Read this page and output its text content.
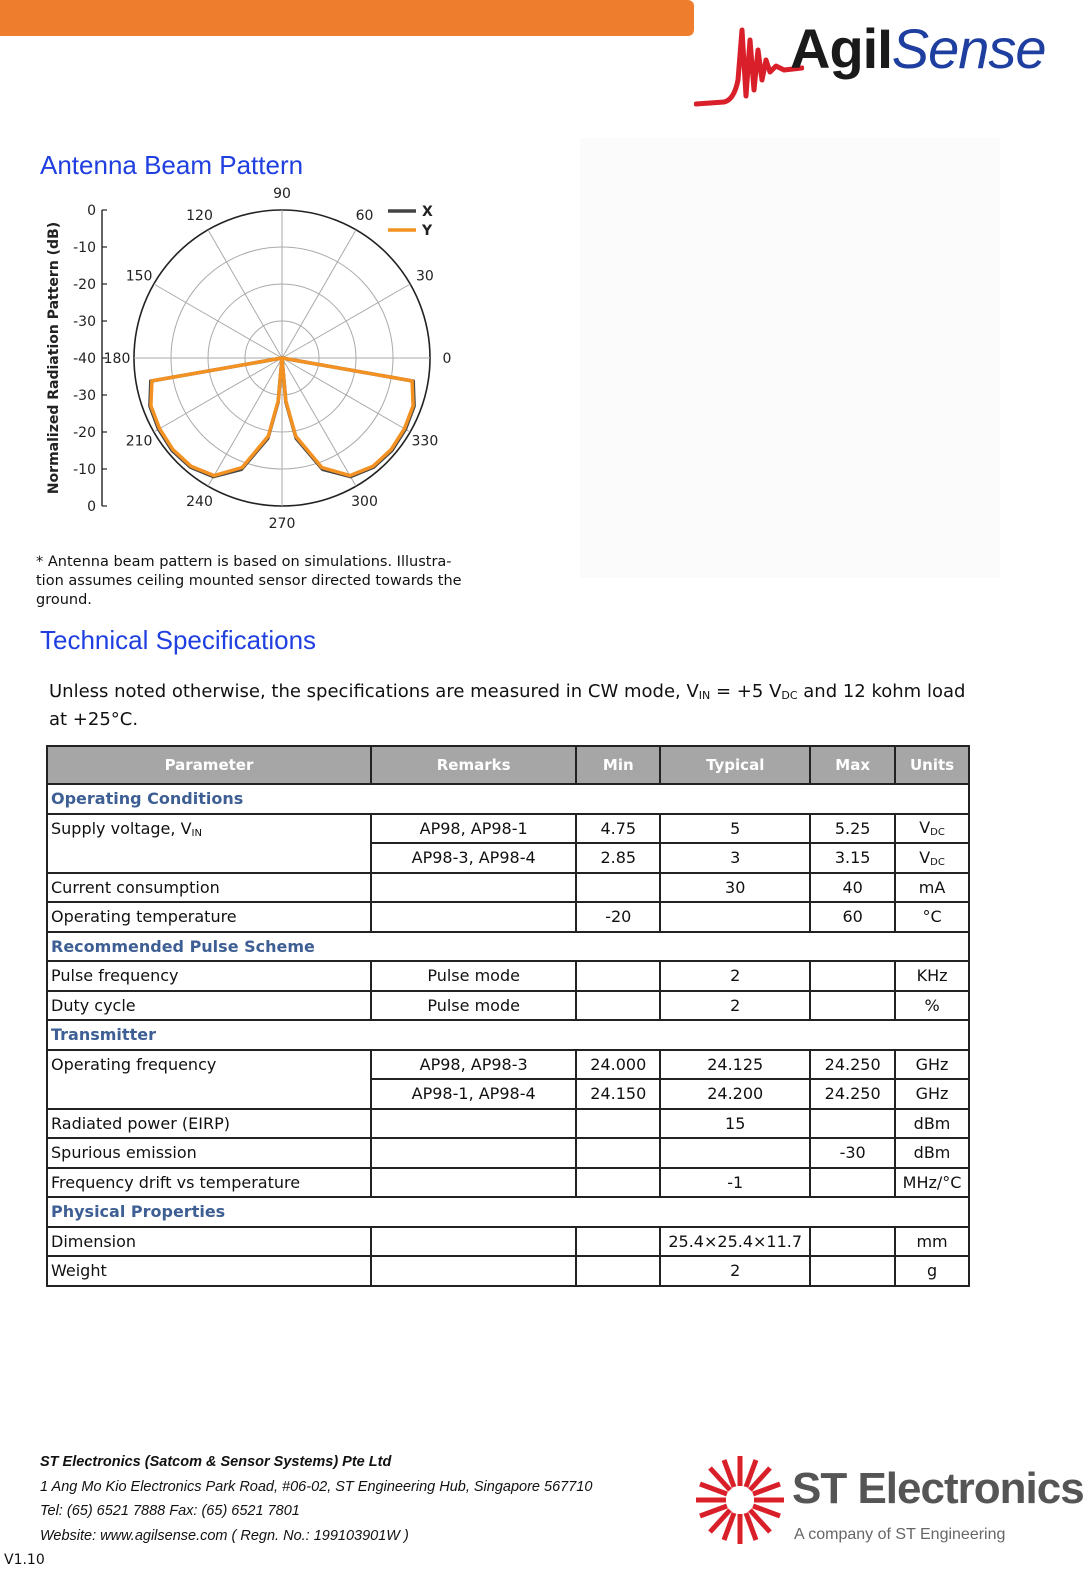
AgiISense
Antenna Beam Pattern
0
30
60
90
120
150
180
210
240
270
300
330
0
-10
-20
-30
-40
-30
-20
-10
0
Normalized Radiation Pattern (dB)
X
Y

* Antenna beam pattern is based on simulations. Illustra-tion assumes ceiling mounted sensor directed towards the ground.

Technical Specifications

Unless noted otherwise, the specifications are measured in CW mode, $V_{IN} = +5$ $V_{DC}$ and 12 kohm load at +25°C.

Parameter	Remarks	Min	Typical	Max	Units
Operating Conditions					
Supply voltage, $V_{IN}$	AP98, AP98-1	4.75	5	5.25	$V_{DC}$
	AP98-3, AP98-4	2.85	3	3.15	$V_{DC}$
Current consumption			30	40	mA
Operating temperature		-20		60	°C
Recommended Pulse Scheme					
Pulse frequency	Pulse mode		2		KHz
Duty cycle	Pulse mode		2		%
Transmitter					
Operating frequency	AP98, AP98-3	24.000	24.125	24.250	GHz
	AP98-1, AP98-4	24.150	24.200	24.250	GHz
Radiated power (EIRP)			15		dBm
Spurious emission				-30	dBm
Frequency drift vs temperature			-1		MHz/°C
Physical Properties					
Dimension			25.4×25.4×11.7		mm
Weight			2		g
ST Electronics (Satcom & Sensor Systems) Pte Ltd
1 Ang Mo Kio Electronics Park Road, #06-02, ST Engineering Hub, Singapore 567710
Tel: (65) 6521 7888 Fax: (65) 6521 7801
Website: www.agilsense.com ( Regn. No.: 199103901W )
ST Electronics
A company of ST Engineering
V1.10
